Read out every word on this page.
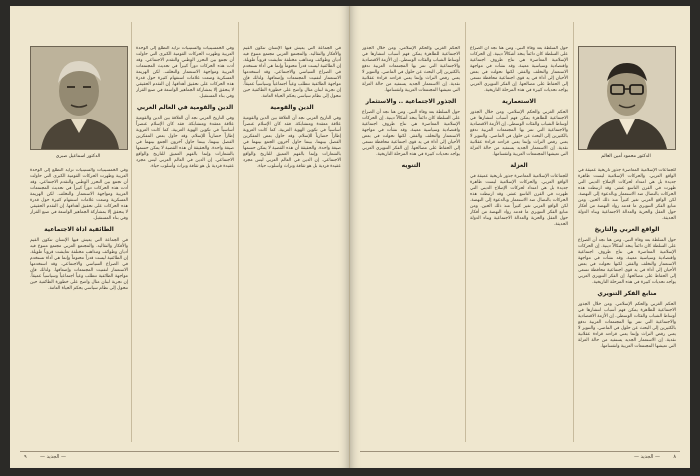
الدكتور اسماعيل صبري

وفي الخمسينيات والستينيات تزايد التطلع إلى الوحدة العربية وظهرت الحركات القومية الكبرى التي حاولت أن تجمع بين التحرر الوطني والتقدم الاجتماعي. وقد أدت هذه الحركات دوراً كبيراً في تحديث المجتمعات العربية ومواجهة الاستعمار والتخلف. لكن الهزيمة العسكرية وضعت علامات استفهام كثيرة حول قدرة هذه الحركات على تحقيق أهدافها. إن التقدم الحقيقي لا يتحقق إلا بمشاركة الجماهير الواسعة في صنع القرار وفي بناء المستقبل.

الطائفية اداة الاجتماعية

في الجماعة التي يعيش فيها الإنسان تتكون القيم والأفكار والتقاليد. والمجتمع العربي مجتمع متنوع فيه أديان وطوائف ومذاهب مختلفة تعايشت قروناً طويلة. إن الطائفية ليست قدراً محتوماً وإنما هي أداة تستخدم في الصراع السياسي والاجتماعي. وقد استخدمها الاستعمار لتفتيت المجتمعات وإضعافها. ولذلك فإن مواجهة الطائفية تتطلب وعياً اجتماعياً وسياسياً عميقاً. إن تجربة لبنان مثال واضح على خطورة الطائفية حين تتحول إلى نظام سياسي يحكم الحياة العامة.

وفي الخمسينيات والستينيات تزايد التطلع إلى الوحدة العربية وظهرت الحركات القومية الكبرى التي حاولت أن تجمع بين التحرر الوطني والتقدم الاجتماعي. وقد أدت هذه الحركات دوراً كبيراً في تحديث المجتمعات العربية ومواجهة الاستعمار والتخلف. لكن الهزيمة العسكرية وضعت علامات استفهام كثيرة حول قدرة هذه الحركات على تحقيق أهدافها. إن التقدم الحقيقي لا يتحقق إلا بمشاركة الجماهير الواسعة في صنع القرار وفي بناء المستقبل.

الدين والقومية في العالم العربي

وفي التاريخ العربي نجد أن العلاقة بين الدين والقومية علاقة معقدة ومتشابكة. فقد كان الإسلام عنصراً أساسياً في تكوين الهوية العربية، كما كانت العروبة إطاراً حضارياً للإسلام. وقد حاول بعض المفكرين الفصل بينهما، بينما حاول آخرون الجمع بينهما في صيغة واحدة. والحقيقة أن هذه القضية لا يمكن حسمها بالشعارات وإنما بالفهم العميق للتاريخ والواقع الاجتماعي. إن الدين في العالم العربي ليس مجرد عقيدة فردية بل هو ثقافة وتراث وأسلوب حياة.

في الجماعة التي يعيش فيها الإنسان تتكون القيم والأفكار والتقاليد. والمجتمع العربي مجتمع متنوع فيه أديان وطوائف ومذاهب مختلفة تعايشت قروناً طويلة. إن الطائفية ليست قدراً محتوماً وإنما هي أداة تستخدم في الصراع السياسي والاجتماعي. وقد استخدمها الاستعمار لتفتيت المجتمعات وإضعافها. ولذلك فإن مواجهة الطائفية تتطلب وعياً اجتماعياً وسياسياً عميقاً. إن تجربة لبنان مثال واضح على خطورة الطائفية حين تتحول إلى نظام سياسي يحكم الحياة العامة.

الدين والقومية

وفي التاريخ العربي نجد أن العلاقة بين الدين والقومية علاقة معقدة ومتشابكة. فقد كان الإسلام عنصراً أساسياً في تكوين الهوية العربية، كما كانت العروبة إطاراً حضارياً للإسلام. وقد حاول بعض المفكرين الفصل بينهما، بينما حاول آخرون الجمع بينهما في صيغة واحدة. والحقيقة أن هذه القضية لا يمكن حسمها بالشعارات وإنما بالفهم العميق للتاريخ والواقع الاجتماعي. إن الدين في العالم العربي ليس مجرد عقيدة فردية بل هو ثقافة وتراث وأسلوب حياة.

٩	— الجديد —

الحكم الغربي والحكم الإسلامي. ومن خلال الجذور الاجتماعية للظاهرة يمكن فهم أسباب انتشارها في أوساط الشباب والفئات الوسطى. إن الأزمة الاقتصادية والاجتماعية التي تمر بها المجتمعات العربية تدفع بالكثيرين إلى البحث عن حلول في الماضي. والتنوير لا يعني رفض التراث وإنما يعني قراءته قراءة عقلانية نقدية. إن الاستعمار الجديد يستفيد من حالة العزلة التي تعيشها المجتمعات العربية وانقسامها.

الجذور الاجتماعية .. والاستثمار

حول السلطة بعد وفاة النبي. ومن هنا نجد أن الصراع على السلطة كان دائماً يتخذ أشكالاً دينية. إن الحركات الإسلامية المعاصرة هي نتاج ظروف اجتماعية واقتصادية وسياسية معينة. وقد نشأت في مواجهة الاستعمار والتخلف والفقر. لكنها تحولت في بعض الأحيان إلى أداة في يد قوى اجتماعية محافظة تسعى إلى الحفاظ على مصالحها. إن الفكر التنويري العربي يواجه تحديات كبيرة في هذه المرحلة التاريخية.

التنويه

حول السلطة بعد وفاة النبي. ومن هنا نجد أن الصراع على السلطة كان دائماً يتخذ أشكالاً دينية. إن الحركات الإسلامية المعاصرة هي نتاج ظروف اجتماعية واقتصادية وسياسية معينة. وقد نشأت في مواجهة الاستعمار والتخلف والفقر. لكنها تحولت في بعض الأحيان إلى أداة في يد قوى اجتماعية محافظة تسعى إلى الحفاظ على مصالحها. إن الفكر التنويري العربي يواجه تحديات كبيرة في هذه المرحلة التاريخية.

الاستعمارية

الحكم الغربي والحكم الإسلامي. ومن خلال الجذور الاجتماعية للظاهرة يمكن فهم أسباب انتشارها في أوساط الشباب والفئات الوسطى. إن الأزمة الاقتصادية والاجتماعية التي تمر بها المجتمعات العربية تدفع بالكثيرين إلى البحث عن حلول في الماضي. والتنوير لا يعني رفض التراث وإنما يعني قراءته قراءة عقلانية نقدية. إن الاستعمار الجديد يستفيد من حالة العزلة التي تعيشها المجتمعات العربية وانقسامها.

العزلة

للجماعات الإسلامية المعاصرة جذور تاريخية عميقة في الواقع العربي. والحركات الإسلامية ليست ظاهرة جديدة بل هي امتداد لحركات الإصلاح الديني التي ظهرت في القرن التاسع عشر. وقد ارتبطت هذه الحركات بالنضال ضد الاستعمار وبالدعوة إلى النهضة. لكن الواقع العربي تغير كثيراً منذ ذلك الحين. ومن منابع الفكر التنويري ما قدمه رواد النهضة من أفكار حول العقل والحرية والعدالة الاجتماعية وبناء الدولة الحديثة.

الدكتور محمود أمين العالم

للجماعات الإسلامية المعاصرة جذور تاريخية عميقة في الواقع العربي. والحركات الإسلامية ليست ظاهرة جديدة بل هي امتداد لحركات الإصلاح الديني التي ظهرت في القرن التاسع عشر. وقد ارتبطت هذه الحركات بالنضال ضد الاستعمار وبالدعوة إلى النهضة. لكن الواقع العربي تغير كثيراً منذ ذلك الحين. ومن منابع الفكر التنويري ما قدمه رواد النهضة من أفكار حول العقل والحرية والعدالة الاجتماعية وبناء الدولة الحديثة.

الواقع العربي والتاريخ

حول السلطة بعد وفاة النبي. ومن هنا نجد أن الصراع على السلطة كان دائماً يتخذ أشكالاً دينية. إن الحركات الإسلامية المعاصرة هي نتاج ظروف اجتماعية واقتصادية وسياسية معينة. وقد نشأت في مواجهة الاستعمار والتخلف والفقر. لكنها تحولت في بعض الأحيان إلى أداة في يد قوى اجتماعية محافظة تسعى إلى الحفاظ على مصالحها. إن الفكر التنويري العربي يواجه تحديات كبيرة في هذه المرحلة التاريخية.

منابع الفكر التنويري

الحكم الغربي والحكم الإسلامي. ومن خلال الجذور الاجتماعية للظاهرة يمكن فهم أسباب انتشارها في أوساط الشباب والفئات الوسطى. إن الأزمة الاقتصادية والاجتماعية التي تمر بها المجتمعات العربية تدفع بالكثيرين إلى البحث عن حلول في الماضي. والتنوير لا يعني رفض التراث وإنما يعني قراءته قراءة عقلانية نقدية. إن الاستعمار الجديد يستفيد من حالة العزلة التي تعيشها المجتمعات العربية وانقسامها.

٨
— الجديد —
